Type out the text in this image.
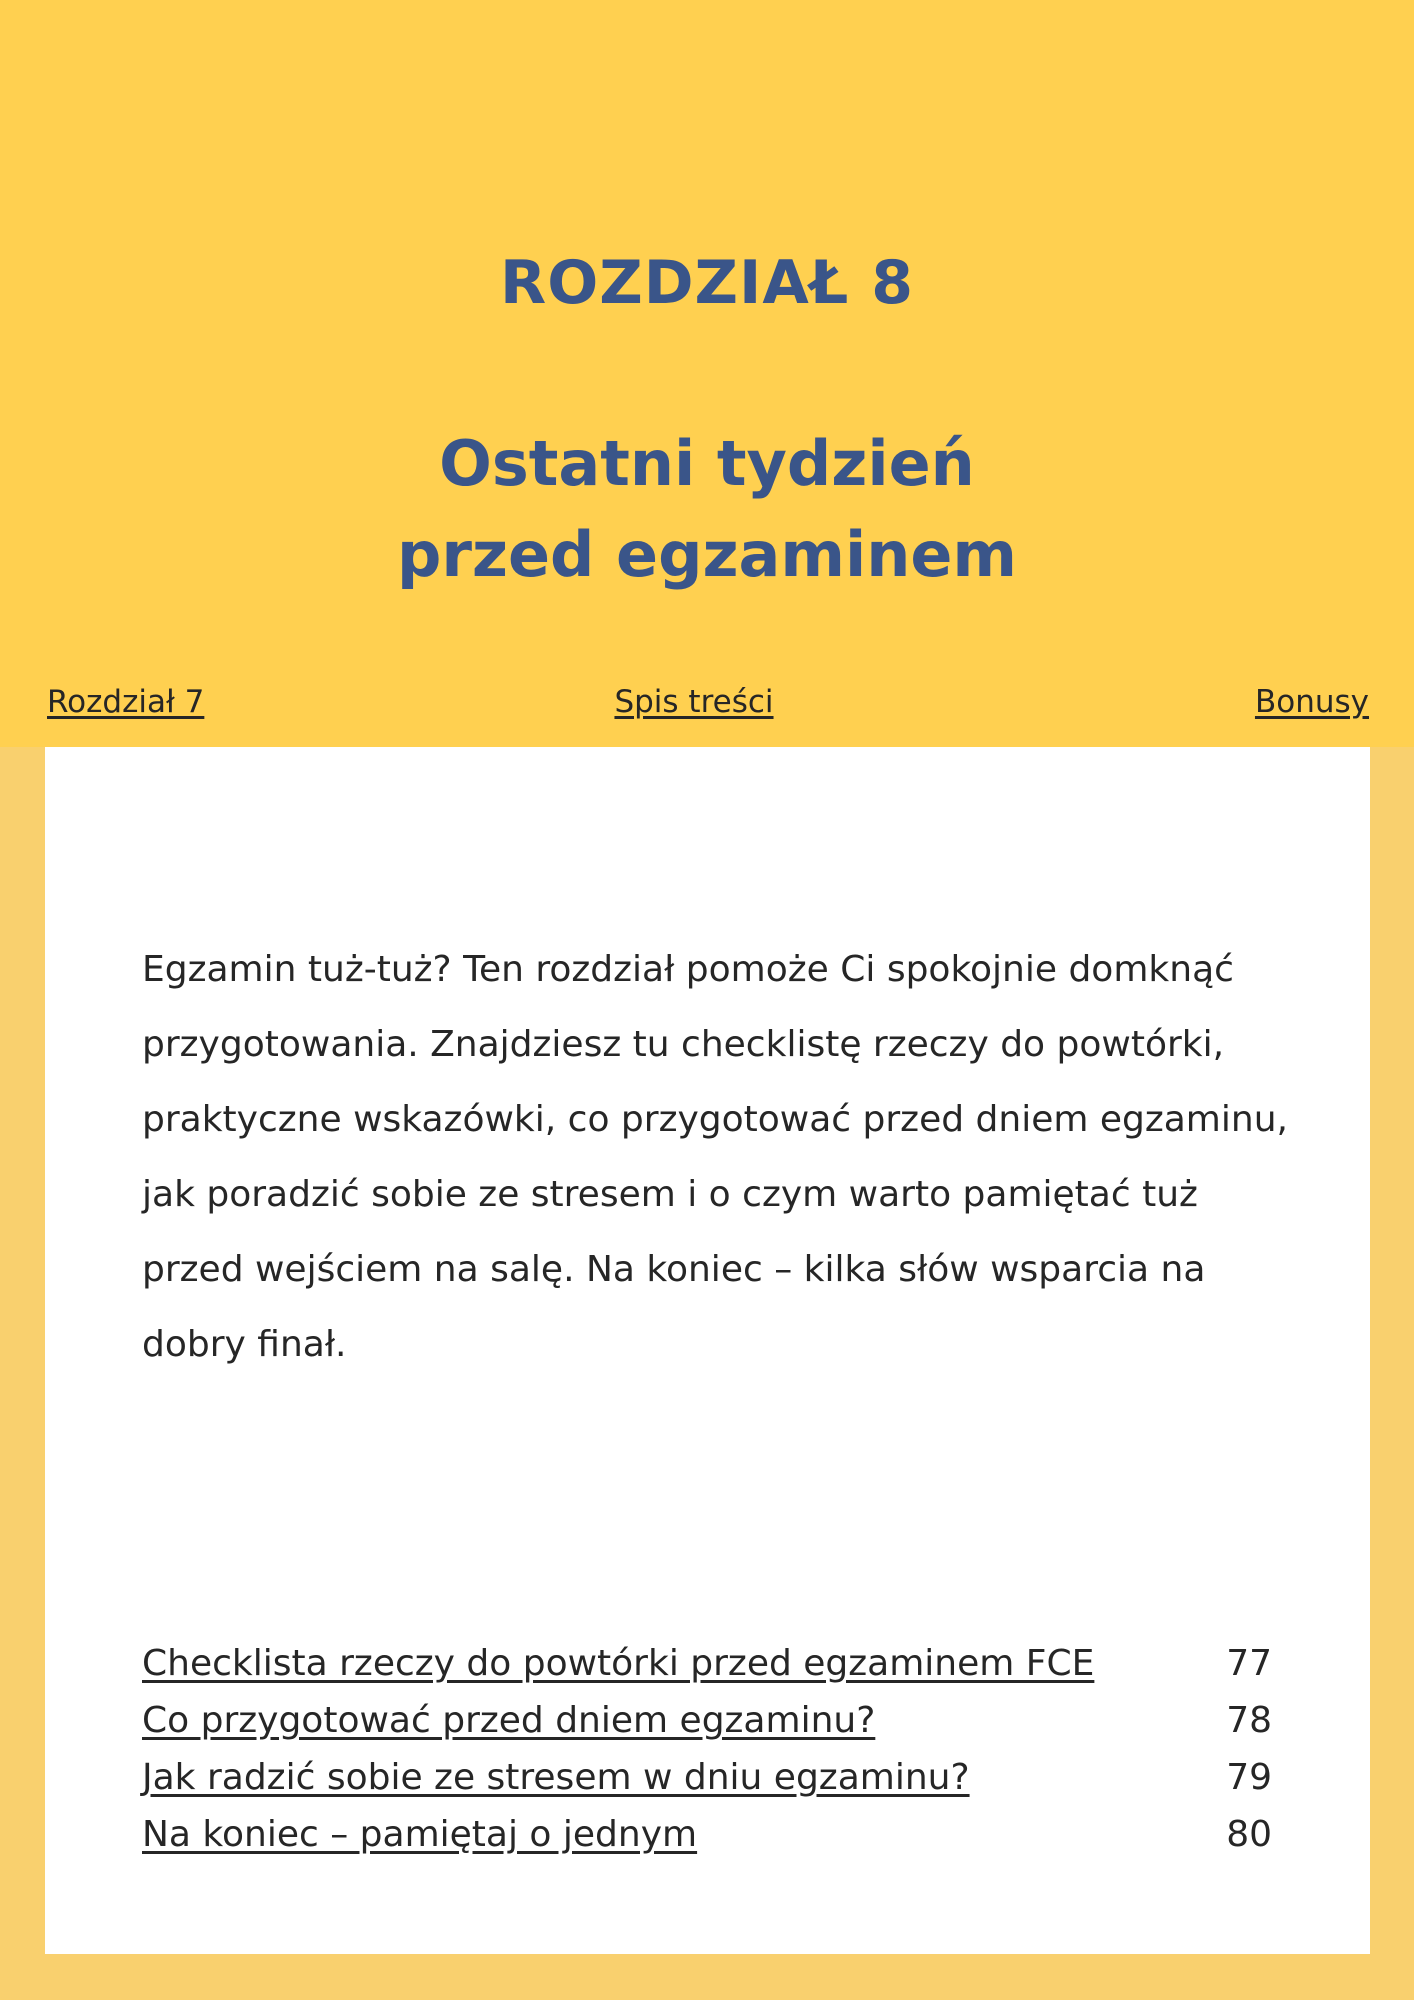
ROZDZIAŁ 8
Ostatni tydzień
przed egzaminem
Rozdział 7	Spis treści	Bonusy

Egzamin tuż-tuż? Ten rozdział pomoże Ci spokojnie domknąć przygotowania. Znajdziesz tu checklistę rzeczy do powtórki, praktyczne wskazówki, co przygotować przed dniem egzaminu, jak poradzić sobie ze stresem i o czym warto pamiętać tuż przed wejściem na salę. Na koniec – kilka słów wsparcia na dobry finał.

Checklista rzeczy do powtórki przed egzaminem FCE	77
Co przygotować przed dniem egzaminu?	78
Jak radzić sobie ze stresem w dniu egzaminu?	79
Na koniec – pamiętaj o jednym	80
